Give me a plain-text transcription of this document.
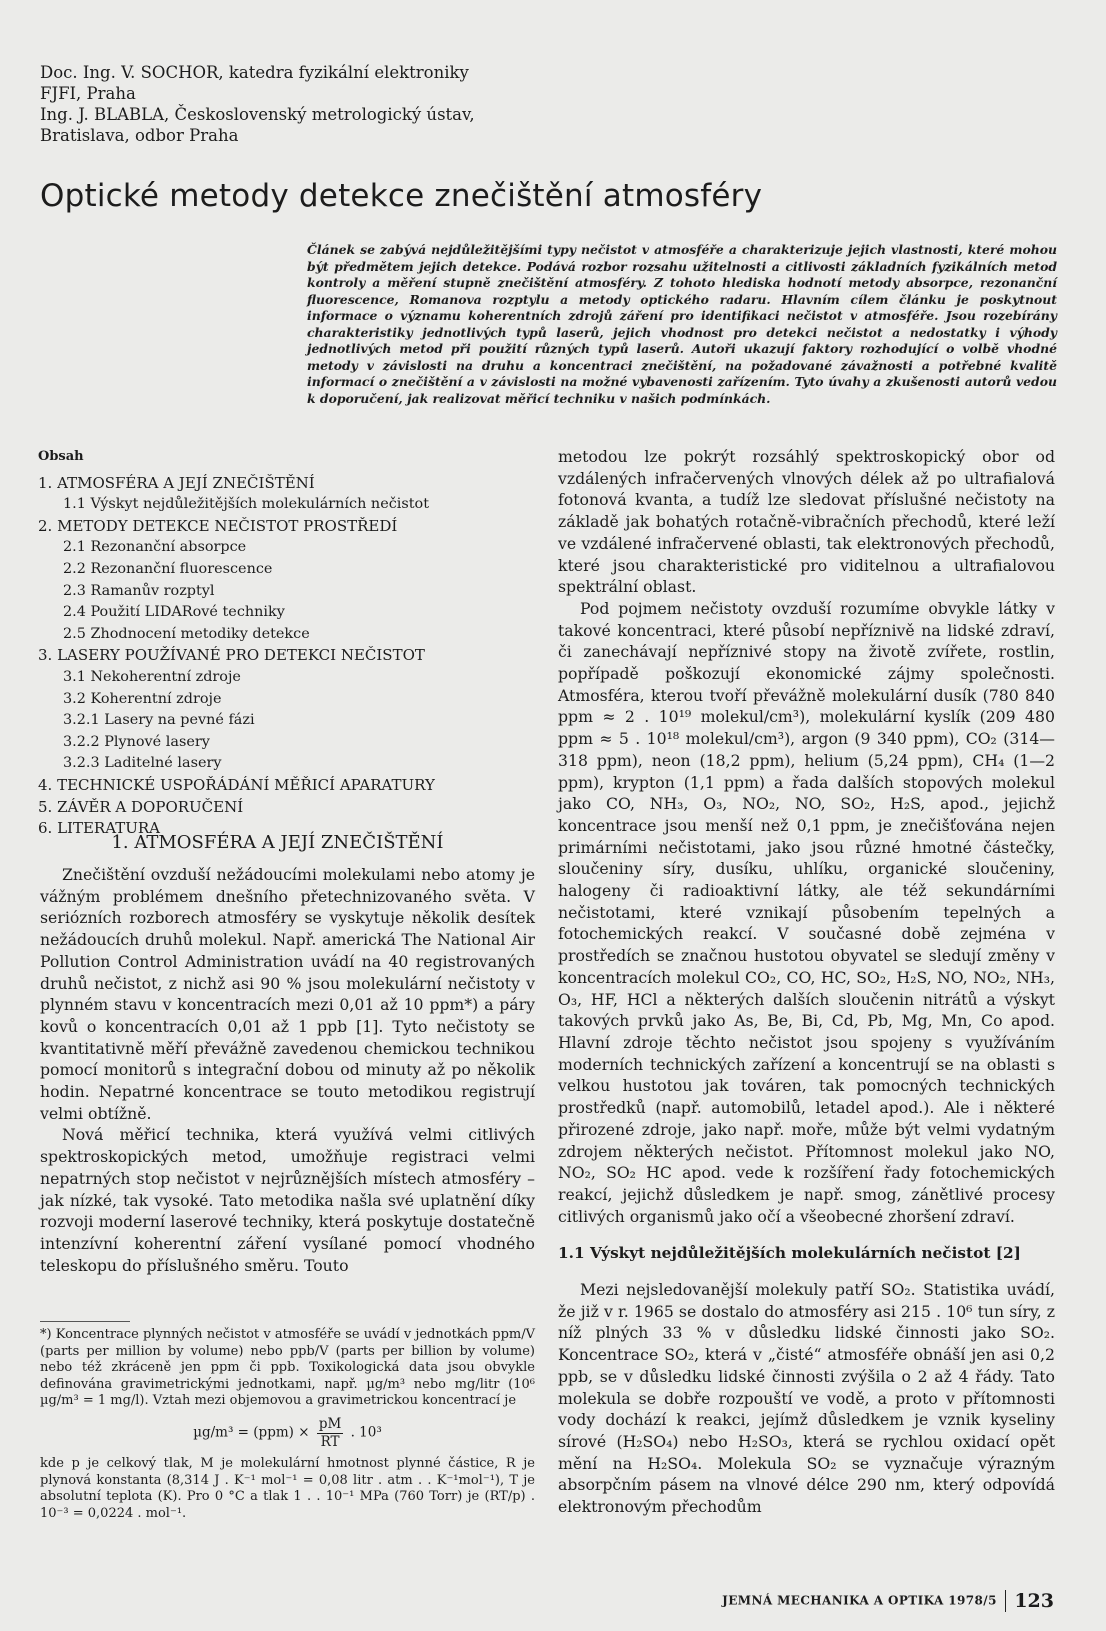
Doc. Ing. V. SOCHOR, katedra fyzikální elektroniky
FJFI, Praha
Ing. J. BLABLA, Československý metrologický ústav,
Bratislava, odbor Praha
Optické metody detekce znečištění atmosféry
Článek se zabývá nejdůležitějšími typy nečistot v atmosféře a charakterizuje jejich vlastnosti, které mohou být předmětem jejich detekce. Podává rozbor rozsahu užitelnosti a citlivosti základních fyzikálních metod kontroly a měření stupně znečištění atmosféry. Z tohoto hlediska hodnotí metody absorpce, rezonanční fluorescence, Romanova rozptylu a metody optického radaru. Hlavním cílem článku je poskytnout informace o významu koherentních zdrojů záření pro identifikaci nečistot v atmosféře. Jsou rozebírány charakteristiky jednotlivých typů laserů, jejich vhodnost pro detekci nečistot a nedostatky i výhody jednotlivých metod při použití různých typů laserů. Autoři ukazují faktory rozhodující o volbě vhodné metody v závislosti na druhu a koncentraci znečištění, na požadované závažnosti a potřebné kvalitě informací o znečištění a v závislosti na možné vybavenosti zařízením. Tyto úvahy a zkušenosti autorů vedou k doporučení, jak realizovat měřicí techniku v našich podmínkách.
Obsah
1. ATMOSFÉRA A JEJÍ ZNEČIŠTĚNÍ
1.1 Výskyt nejdůležitějších molekulárních nečistot
2. METODY DETEKCE NEČISTOT PROSTŘEDÍ
2.1 Rezonanční absorpce
2.2 Rezonanční fluorescence
2.3 Ramanův rozptyl
2.4 Použití LIDARové techniky
2.5 Zhodnocení metodiky detekce
3. LASERY POUŽÍVANÉ PRO DETEKCI NEČISTOT
3.1 Nekoherentní zdroje
3.2 Koherentní zdroje
3.2.1 Lasery na pevné fázi
3.2.2 Plynové lasery
3.2.3 Laditelné lasery
4. TECHNICKÉ USPOŘÁDÁNÍ MĚŘICÍ APARATURY
5. ZÁVĚR A DOPORUČENÍ
6. LITERATURA
1. ATMOSFÉRA A JEJÍ ZNEČIŠTĚNÍ

Znečištění ovzduší nežádoucími molekulami nebo atomy je vážným problémem dnešního přetechnizovaného světa. V seriózních rozborech atmosféry se vyskytuje několik desítek nežádoucích druhů molekul. Např. americká The National Air Pollution Control Administration uvádí na 40 registrovaných druhů nečistot, z nichž asi 90 % jsou molekulární nečistoty v plynném stavu v koncentracích mezi 0,01 až 10 ppm*) a páry kovů o koncentracích 0,01 až 1 ppb [1]. Tyto nečistoty se kvantitativně měří převážně zavedenou chemickou technikou pomocí monitorů s integrační dobou od minuty až po několik hodin. Nepatrné koncentrace se touto metodikou registrují velmi obtížně.

Nová měřicí technika, která využívá velmi citlivých spektroskopických metod, umožňuje registraci velmi nepatrných stop nečistot v nejrůznějších místech atmosféry – jak nízké, tak vysoké. Tato metodika našla své uplatnění díky rozvoji moderní laserové techniky, která poskytuje dostatečně intenzívní koherentní záření vysílané pomocí vhodného teleskopu do příslušného směru. Touto

*) Koncentrace plynných nečistot v atmosféře se uvádí v jednotkách ppm/V (parts per million by volume) nebo ppb/V (parts per billion by volume) nebo též zkráceně jen ppm či ppb. Toxikologická data jsou obvykle definována gravimetrickými jednotkami, např. µg/m³ nebo mg/litr (10⁶ µg/m³ = 1 mg/l). Vztah mezi objemovou a gravimetrickou koncentrací je

$\mu g/m^3 = (ppm) \times \frac{pM}{RT}$ . 10³

kde p je celkový tlak, M je molekulární hmotnost plynné částice, R je plynová konstanta (8,314 J . K⁻¹ mol⁻¹ = 0,08 litr . atm . . K⁻¹mol⁻¹), T je absolutní teplota (K). Pro 0 °C a tlak 1 . . 10⁻¹ MPa (760 Torr) je (RT/p) . 10⁻³ = 0,0224 . mol⁻¹.

metodou lze pokrýt rozsáhlý spektroskopický obor od vzdálených infračervených vlnových délek až po ultrafialová fotonová kvanta, a tudíž lze sledovat příslušné nečistoty na základě jak bohatých rotačně-vibračních přechodů, které leží ve vzdálené infračervené oblasti, tak elektronových přechodů, které jsou charakteristické pro viditelnou a ultrafialovou spektrální oblast.

Pod pojmem nečistoty ovzduší rozumíme obvykle látky v takové koncentraci, které působí nepříznivě na lidské zdraví, či zanechávají nepříznivé stopy na životě zvířete, rostlin, popřípadě poškozují ekonomické zájmy společnosti. Atmosféra, kterou tvoří převážně molekulární dusík (780 840 ppm ≈ 2 . 10¹⁹ molekul/cm³), molekulární kyslík (209 480 ppm ≈ 5 . 10¹⁸ molekul/cm³), argon (9 340 ppm), CO₂ (314—318 ppm), neon (18,2 ppm), helium (5,24 ppm), CH₄ (1—2 ppm), krypton (1,1 ppm) a řada dalších stopových molekul jako CO, NH₃, O₃, NO₂, NO, SO₂, H₂S, apod., jejichž koncentrace jsou menší než 0,1 ppm, je znečišťována nejen primárními nečistotami, jako jsou různé hmotné částečky, sloučeniny síry, dusíku, uhlíku, organické sloučeniny, halogeny či radioaktivní látky, ale též sekundárními nečistotami, které vznikají působením tepelných a fotochemických reakcí. V současné době zejména v prostředích se značnou hustotou obyvatel se sledují změny v koncentracích molekul CO₂, CO, HC, SO₂, H₂S, NO, NO₂, NH₃, O₃, HF, HCl a některých dalších sloučenin nitrátů a výskyt takových prvků jako As, Be, Bi, Cd, Pb, Mg, Mn, Co apod. Hlavní zdroje těchto nečistot jsou spojeny s využíváním moderních technických zařízení a koncentrují se na oblasti s velkou hustotou jak továren, tak pomocných technických prostředků (např. automobilů, letadel apod.). Ale i některé přirozené zdroje, jako např. moře, může být velmi vydatným zdrojem některých nečistot. Přítomnost molekul jako NO, NO₂, SO₂ HC apod. vede k rozšíření řady fotochemických reakcí, jejichž důsledkem je např. smog, zánětlivé procesy citlivých organismů jako očí a všeobecné zhoršení zdraví.

1.1 Výskyt nejdůležitějších molekulárních nečistot [2]

Mezi nejsledovanější molekuly patří SO₂. Statistika uvádí, že již v r. 1965 se dostalo do atmosféry asi 215 . 10⁶ tun síry, z níž plných 33 % v důsledku lidské činnosti jako SO₂. Koncentrace SO₂, která v „čisté“ atmosféře obnáší jen asi 0,2 ppb, se v důsledku lidské činnosti zvýšila o 2 až 4 řády. Tato molekula se dobře rozpouští ve vodě, a proto v přítomnosti vody dochází k reakci, jejímž důsledkem je vznik kyseliny sírové (H₂SO₄) nebo H₂SO₃, která se rychlou oxidací opět mění na H₂SO₄. Molekula SO₂ se vyznačuje výrazným absorpčním pásem na vlnové délce 290 nm, který odpovídá elektronovým přechodům

JEMNÁ MECHANIKA A OPTIKA 1978/5 123
